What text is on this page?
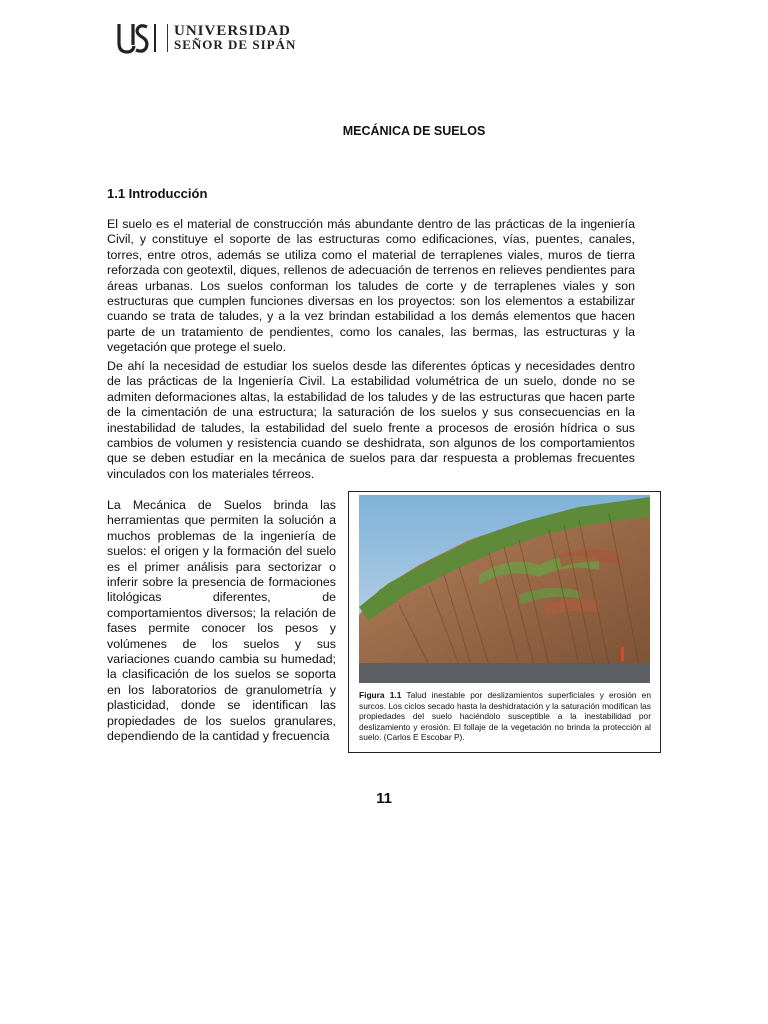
UNIVERSIDAD
SEÑOR DE SIPÁN
MECÁNICA DE SUELOS
1.1 Introducción

El suelo es el material de construcción más abundante dentro de las prácticas de la ingeniería Civil, y constituye el soporte de las estructuras como edificaciones, vías, puentes, canales, torres, entre otros, además se utiliza como el material de terraplenes viales, muros de tierra reforzada con geotextil, diques, rellenos de adecuación de terrenos en relieves pendientes para áreas urbanas. Los suelos conforman los taludes de corte y de terraplenes viales y son estructuras que cumplen funciones diversas en los proyectos: son los elementos a estabilizar cuando se trata de taludes, y a la vez brindan estabilidad a los demás elementos que hacen parte de un tratamiento de pendientes, como los canales, las bermas, las estructuras y la vegetación que protege el suelo.

De ahí la necesidad de estudiar los suelos desde las diferentes ópticas y necesidades dentro de las prácticas de la Ingeniería Civil. La estabilidad volumétrica de un suelo, donde no se admiten deformaciones altas, la estabilidad de los taludes y de las estructuras que hacen parte de la cimentación de una estructura; la saturación de los suelos y sus consecuencias en la inestabilidad de taludes, la estabilidad del suelo frente a procesos de erosión hídrica o sus cambios de volumen y resistencia cuando se deshidrata, son algunos de los comportamientos que se deben estudiar en la mecánica de suelos para dar respuesta a problemas frecuentes vinculados con los materiales térreos.

La Mecánica de Suelos brinda las herramientas que permiten la solución a muchos problemas de la ingeniería de suelos: el origen y la formación del suelo es el primer análisis para sectorizar o inferir sobre la presencia de formaciones litológicas diferentes, de comportamientos diversos; la relación de fases permite conocer los pesos y volúmenes de los suelos y sus variaciones cuando cambia su humedad; la clasificación de los suelos se soporta en los laboratorios de granulometría y plasticidad, donde se identifican las propiedades de los suelos granulares, dependiendo de la cantidad y frecuencia

Figura 1.1 Talud inestable por deslizamientos superficiales y erosión en surcos. Los ciclos secado hasta la deshidratación y la saturación modifican las propiedades del suelo haciéndolo susceptible a la inestabilidad por deslizamiento y erosión. El follaje de la vegetación no brinda la protección al suelo. (Carlos E Escobar P).
11
